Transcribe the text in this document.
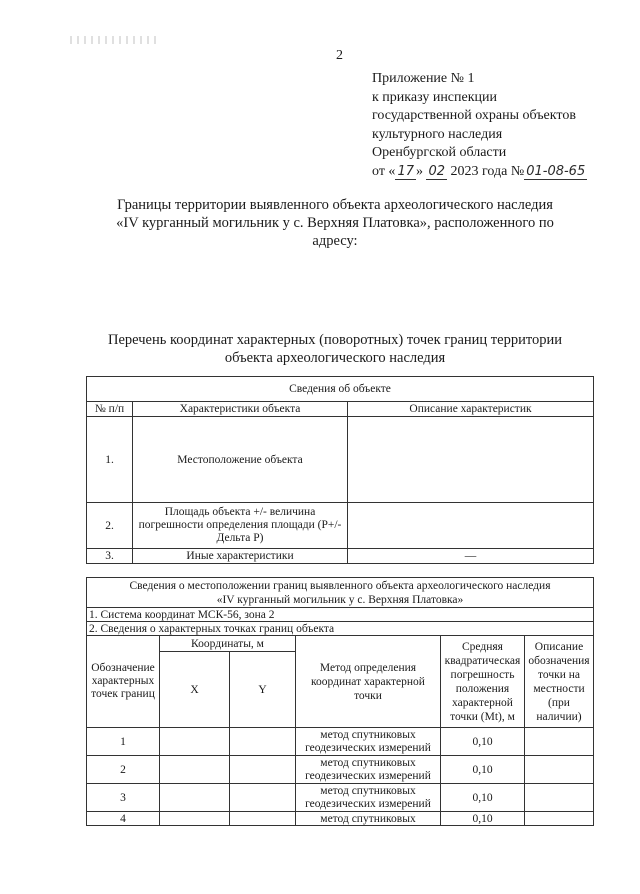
2
Приложение № 1
к приказу инспекции
государственной охраны объектов
культурного наследия
Оренбургской области
от « 17 » 02 2023 года № 01-08-65
Границы территории выявленного объекта археологического наследия
«IV курганный могильник у с. Верхняя Платовка», расположенного по
адресу:
Перечень координат характерных (поворотных) точек границ территории
объекта археологического наследия
Сведения об объекте		
№ п/п	Характеристики объекта	Описание характеристик
1.	Местоположение объекта	
2.	Площадь объекта +/- величина погрешности определения площади (Р+/- Дельта Р)	
3.	Иные характеристики	—
Сведения о местоположении границ выявленного объекта археологического наследия
«IV курганный могильник у с. Верхняя Платовка»					

1. Система координат МСК-56, зона 2					
2. Сведения о характерных точках границ объекта					
Обозначение характерных точек границ	Координаты, м		Метод определения координат характерной точки	Средняя квадратическая погрешность положения характерной точки (Mt), м	Описание обозначения точки на местности (при наличии)
	X	Y			
1			метод спутниковых геодезических измерений	0,10	
2			метод спутниковых геодезических измерений	0,10	
3			метод спутниковых геодезических измерений	0,10	
4			метод спутниковых	0,10	
